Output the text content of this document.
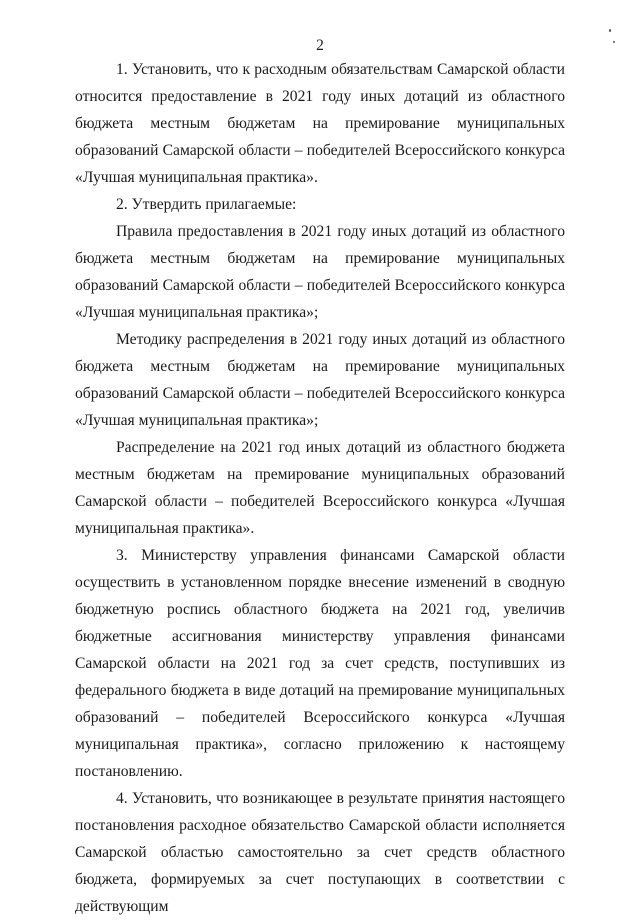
2

1. Установить, что к расходным обязательствам Самарской области относится предоставление в 2021 году иных дотаций из областного бюджета местным бюджетам на премирование муниципальных образований Самарской области – победителей Всероссийского конкурса «Лучшая муниципальная практика».

2. Утвердить прилагаемые:

Правила предоставления в 2021 году иных дотаций из областного бюджета местным бюджетам на премирование муниципальных образований Самарской области – победителей Всероссийского конкурса «Лучшая муниципальная практика»;

Методику распределения в 2021 году иных дотаций из областного бюджета местным бюджетам на премирование муниципальных образований Самарской области – победителей Всероссийского конкурса «Лучшая муниципальная практика»;

Распределение на 2021 год иных дотаций из областного бюджета местным бюджетам на премирование муниципальных образований Самарской области – победителей Всероссийского конкурса «Лучшая муниципальная практика».

3. Министерству управления финансами Самарской области осуществить в установленном порядке внесение изменений в сводную бюджетную роспись областного бюджета на 2021 год, увеличив бюджетные ассигнования министерству управления финансами Самарской области на 2021 год за счет средств, поступивших из федерального бюджета в виде дотаций на премирование муниципальных образований – победителей Всероссийского конкурса «Лучшая муниципальная практика», согласно приложению к настоящему постановлению.

4. Установить, что возникающее в результате принятия настоящего постановления расходное обязательство Самарской области исполняется Самарской областью самостоятельно за счет средств областного бюджета, формируемых за счет поступающих в соответствии с действующим
